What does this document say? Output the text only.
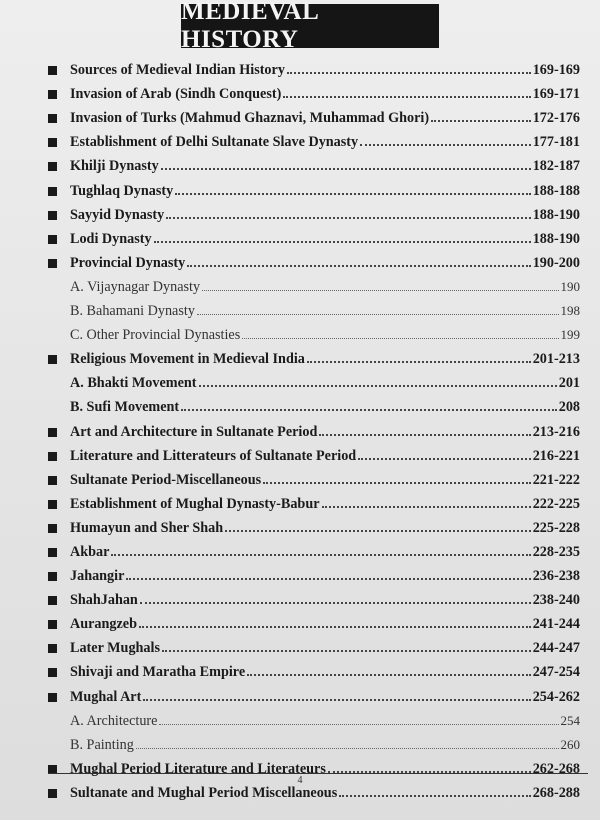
MEDIEVAL HISTORY
Sources of Medieval Indian History	169-169
Invasion of Arab (Sindh Conquest)	169-171
Invasion of Turks (Mahmud Ghaznavi, Muhammad Ghori)	172-176
Establishment of Delhi Sultanate Slave Dynasty	177-181
Khilji Dynasty	182-187
Tughlaq Dynasty	188-188
Sayyid Dynasty	188-190
Lodi Dynasty	188-190
Provincial Dynasty	190-200
A. Vijaynagar Dynasty	190
B. Bahamani Dynasty	198
C. Other Provincial Dynasties	199
Religious Movement in Medieval India	201-213
A. Bhakti Movement	201
B. Sufi Movement	208
Art and Architecture in Sultanate Period	213-216
Literature and Litterateurs of Sultanate Period	216-221
Sultanate Period-Miscellaneous	221-222
Establishment of Mughal Dynasty-Babur	222-225
Humayun and Sher Shah	225-228
Akbar	228-235
Jahangir	236-238
ShahJahan	238-240
Aurangzeb	241-244
Later Mughals	244-247
Shivaji and Maratha Empire	247-254
Mughal Art	254-262
A. Architecture	254
B. Painting	260
Mughal Period Literature and Literateurs	262-268
Sultanate and Mughal Period Miscellaneous	268-288
4
